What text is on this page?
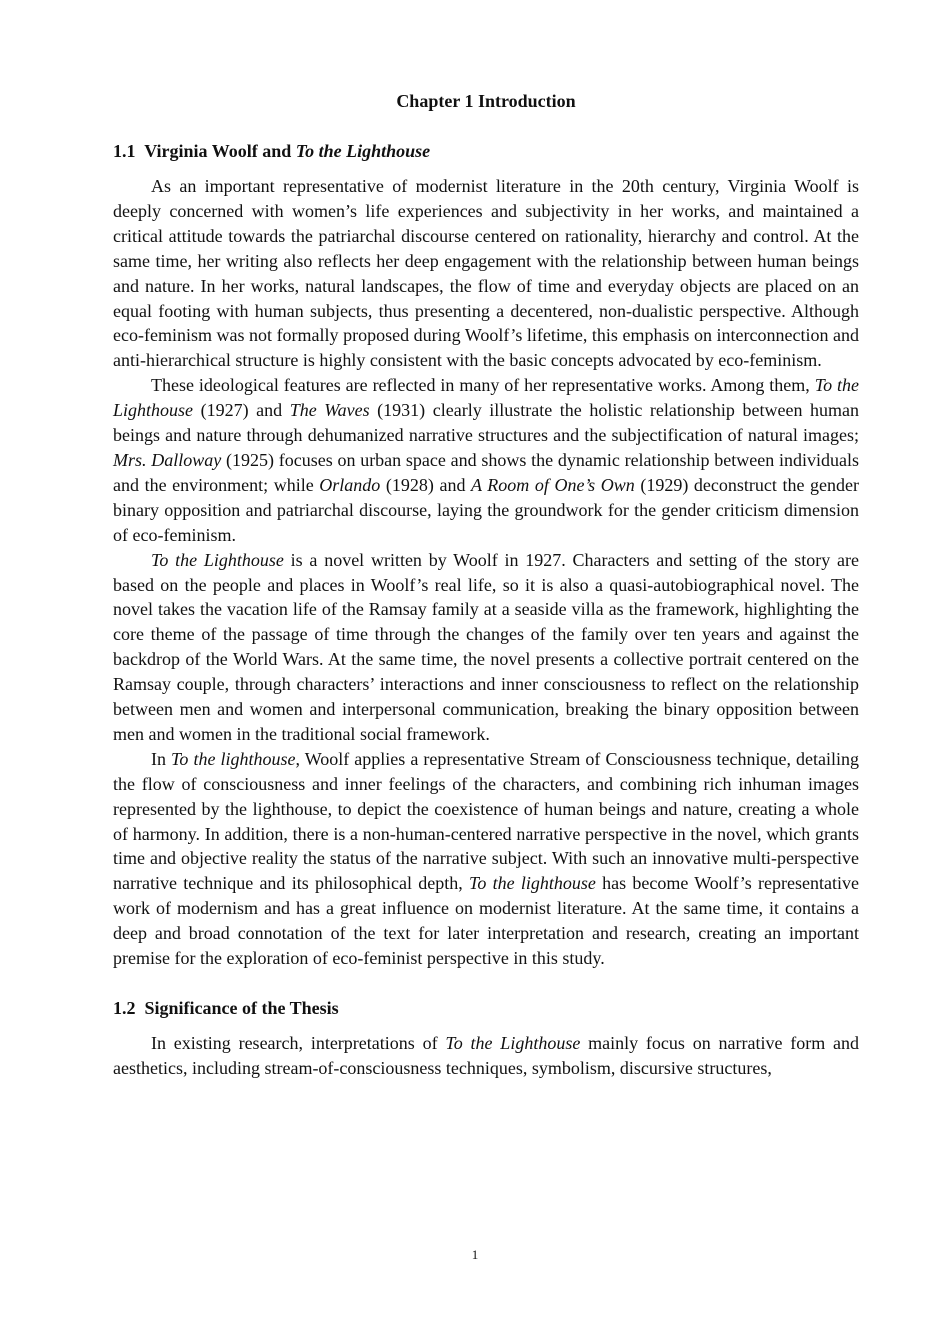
Chapter 1 Introduction
1.1 Virginia Woolf and To the Lighthouse

As an important representative of modernist literature in the 20th century, Virginia Woolf is deeply concerned with women’s life experiences and subjectivity in her works, and maintained a critical attitude towards the patriarchal discourse centered on rationality, hierarchy and control. At the same time, her writing also reflects her deep engagement with the relationship between human beings and nature. In her works, natural landscapes, the flow of time and everyday objects are placed on an equal footing with human subjects, thus presenting a decentered, non-dualistic perspective. Although eco-feminism was not formally proposed during Woolf’s lifetime, this emphasis on interconnection and anti-hierarchical structure is highly consistent with the basic concepts advocated by eco-feminism.

These ideological features are reflected in many of her representative works. Among them, To the Lighthouse (1927) and The Waves (1931) clearly illustrate the holistic relationship between human beings and nature through dehumanized narrative structures and the subjectification of natural images; Mrs. Dalloway (1925) focuses on urban space and shows the dynamic relationship between individuals and the environment; while Orlando (1928) and A Room of One’s Own (1929) deconstruct the gender binary opposition and patriarchal discourse, laying the groundwork for the gender criticism dimension of eco-feminism.

To the Lighthouse is a novel written by Woolf in 1927. Characters and setting of the story are based on the people and places in Woolf’s real life, so it is also a quasi-autobiographical novel. The novel takes the vacation life of the Ramsay family at a seaside villa as the framework, highlighting the core theme of the passage of time through the changes of the family over ten years and against the backdrop of the World Wars. At the same time, the novel presents a collective portrait centered on the Ramsay couple, through characters’ interactions and inner consciousness to reflect on the relationship between men and women and interpersonal communication, breaking the binary opposition between men and women in the traditional social framework.

In To the lighthouse, Woolf applies a representative Stream of Consciousness technique, detailing the flow of consciousness and inner feelings of the characters, and combining rich inhuman images represented by the lighthouse, to depict the coexistence of human beings and nature, creating a whole of harmony. In addition, there is a non-human-centered narrative perspective in the novel, which grants time and objective reality the status of the narrative subject. With such an innovative multi-perspective narrative technique and its philosophical depth, To the lighthouse has become Woolf’s representative work of modernism and has a great influence on modernist literature. At the same time, it contains a deep and broad connotation of the text for later interpretation and research, creating an important premise for the exploration of eco-feminist perspective in this study.

1.2 Significance of the Thesis

In existing research, interpretations of To the Lighthouse mainly focus on narrative form and aesthetics, including stream-of-consciousness techniques, symbolism, discursive structures,

1
